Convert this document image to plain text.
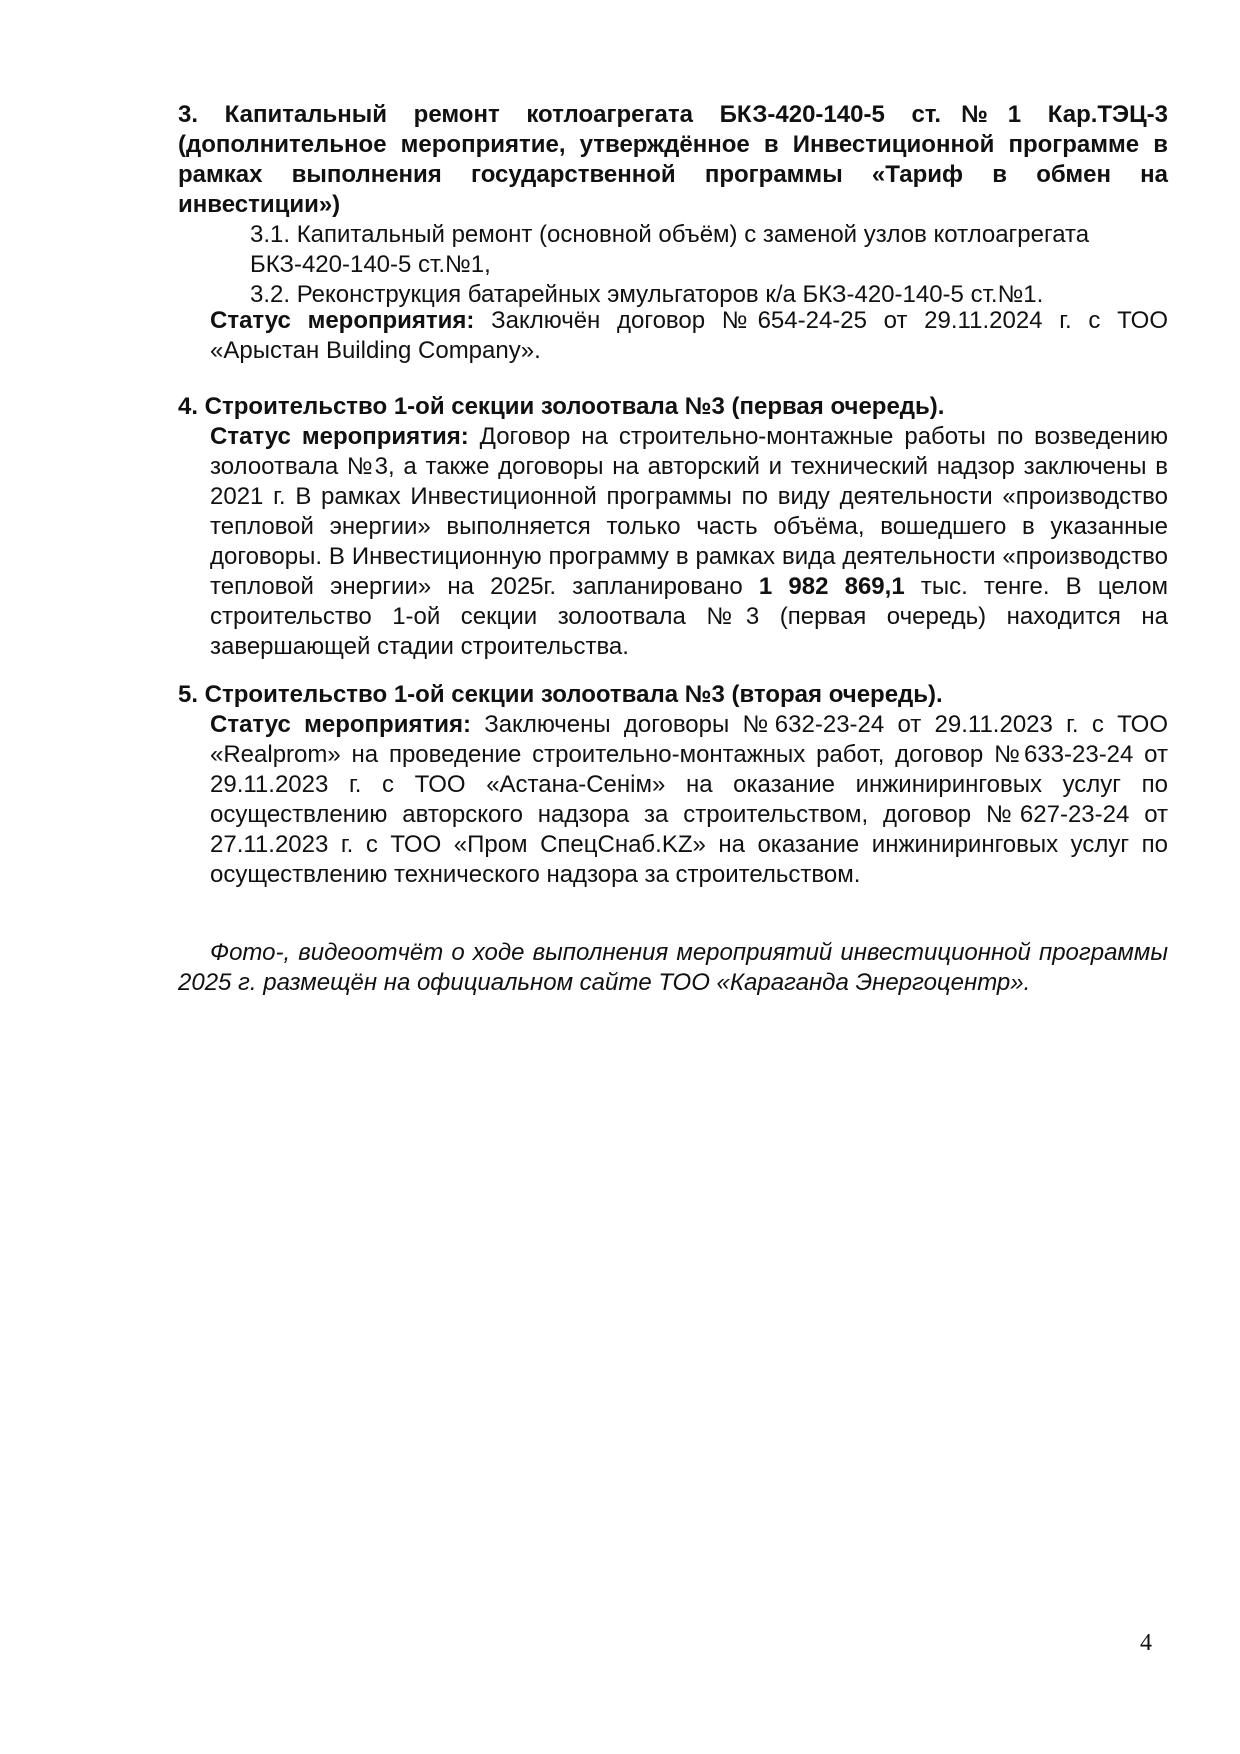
3. Капитальный ремонт котлоагрегата БКЗ-420-140-5 ст.№1 Кар.ТЭЦ-3 (дополнительное мероприятие, утверждённое в Инвестиционной программе в рамках выполнения государственной программы «Тариф в обмен на инвестиции»)
3.1. Капитальный ремонт (основной объём) с заменой узлов котлоагрегата БКЗ-420-140-5 ст.№1,
3.2. Реконструкция батарейных эмульгаторов к/а БКЗ-420-140-5 ст.№1.
Статус мероприятия: Заключён договор №654-24-25 от 29.11.2024 г. с ТОО «Арыстан Building Company».
4. Строительство 1-ой секции золоотвала №3 (первая очередь).
Статус мероприятия: Договор на строительно-монтажные работы по возведению золоотвала №3, а также договоры на авторский и технический надзор заключены в 2021 г. В рамках Инвестиционной программы по виду деятельности «производство тепловой энергии» выполняется только часть объёма, вошедшего в указанные договоры. В Инвестиционную программу в рамках вида деятельности «производство тепловой энергии» на 2025г. запланировано 1 982 869,1 тыс. тенге. В целом строительство 1-ой секции золоотвала №3 (первая очередь) находится на завершающей стадии строительства.
5. Строительство 1-ой секции золоотвала №3 (вторая очередь).
Статус мероприятия: Заключены договоры №632-23-24 от 29.11.2023 г. с ТОО «Realprom» на проведение строительно-монтажных работ, договор №633-23-24 от 29.11.2023 г. с ТОО «Астана-Сенім» на оказание инжиниринговых услуг по осуществлению авторского надзора за строительством, договор №627-23-24 от 27.11.2023 г. с ТОО «Пром СпецСнаб.KZ» на оказание инжиниринговых услуг по осуществлению технического надзора за строительством.
Фото-, видеоотчёт о ходе выполнения мероприятий инвестиционной программы 2025 г. размещён на официальном сайте ТОО «Караганда Энергоцентр».
4
